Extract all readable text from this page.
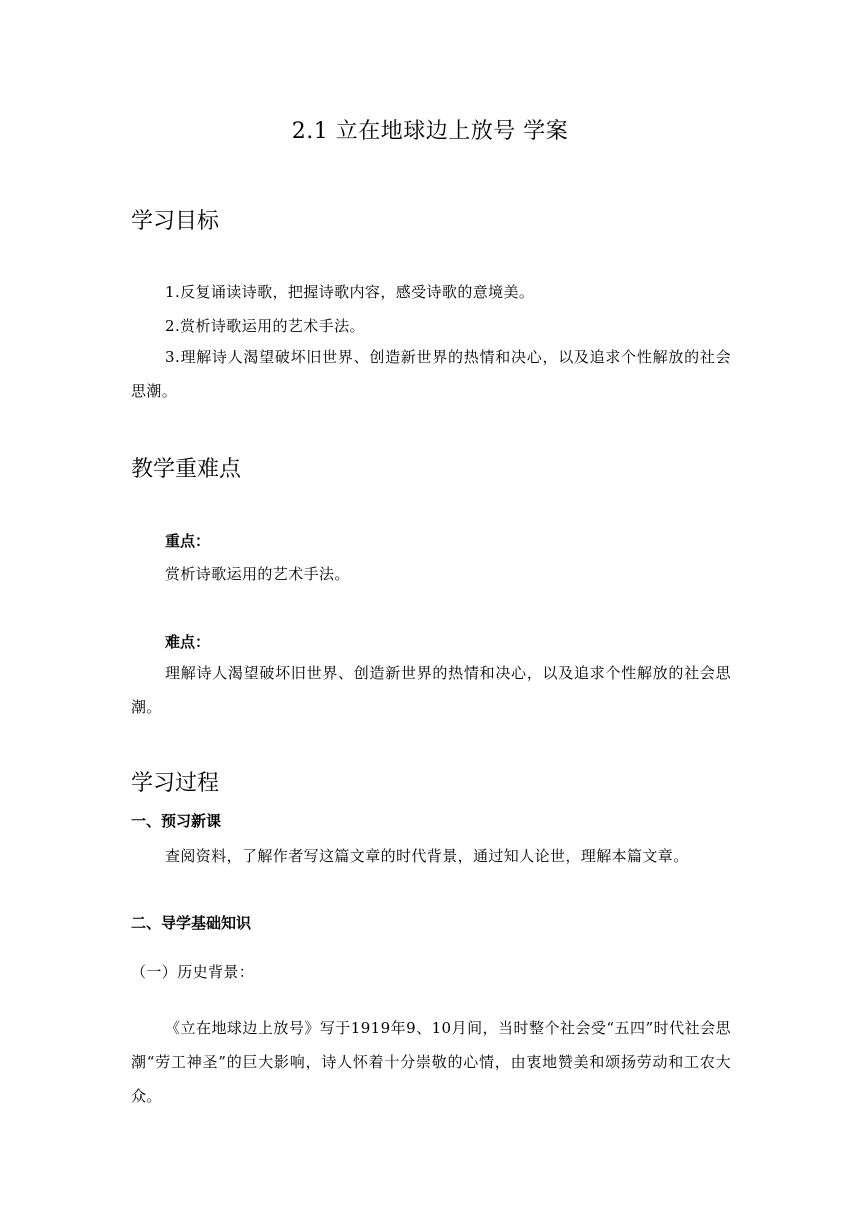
2.1 立在地球边上放号 学案
学习目标
1.反复诵读诗歌，把握诗歌内容，感受诗歌的意境美。
2.赏析诗歌运用的艺术手法。
3.理解诗人渴望破坏旧世界、创造新世界的热情和决心，以及追求个性解放的社会思潮。
教学重难点
重点：
赏析诗歌运用的艺术手法。
难点：
理解诗人渴望破坏旧世界、创造新世界的热情和决心，以及追求个性解放的社会思潮。
学习过程
一、预习新课
查阅资料，了解作者写这篇文章的时代背景，通过知人论世，理解本篇文章。
二、导学基础知识
（一）历史背景：
《立在地球边上放号》写于1919年9、10月间，当时整个社会受“五四”时代社会思潮“劳工神圣”的巨大影响，诗人怀着十分崇敬的心情，由衷地赞美和颂扬劳动和工农大众。
